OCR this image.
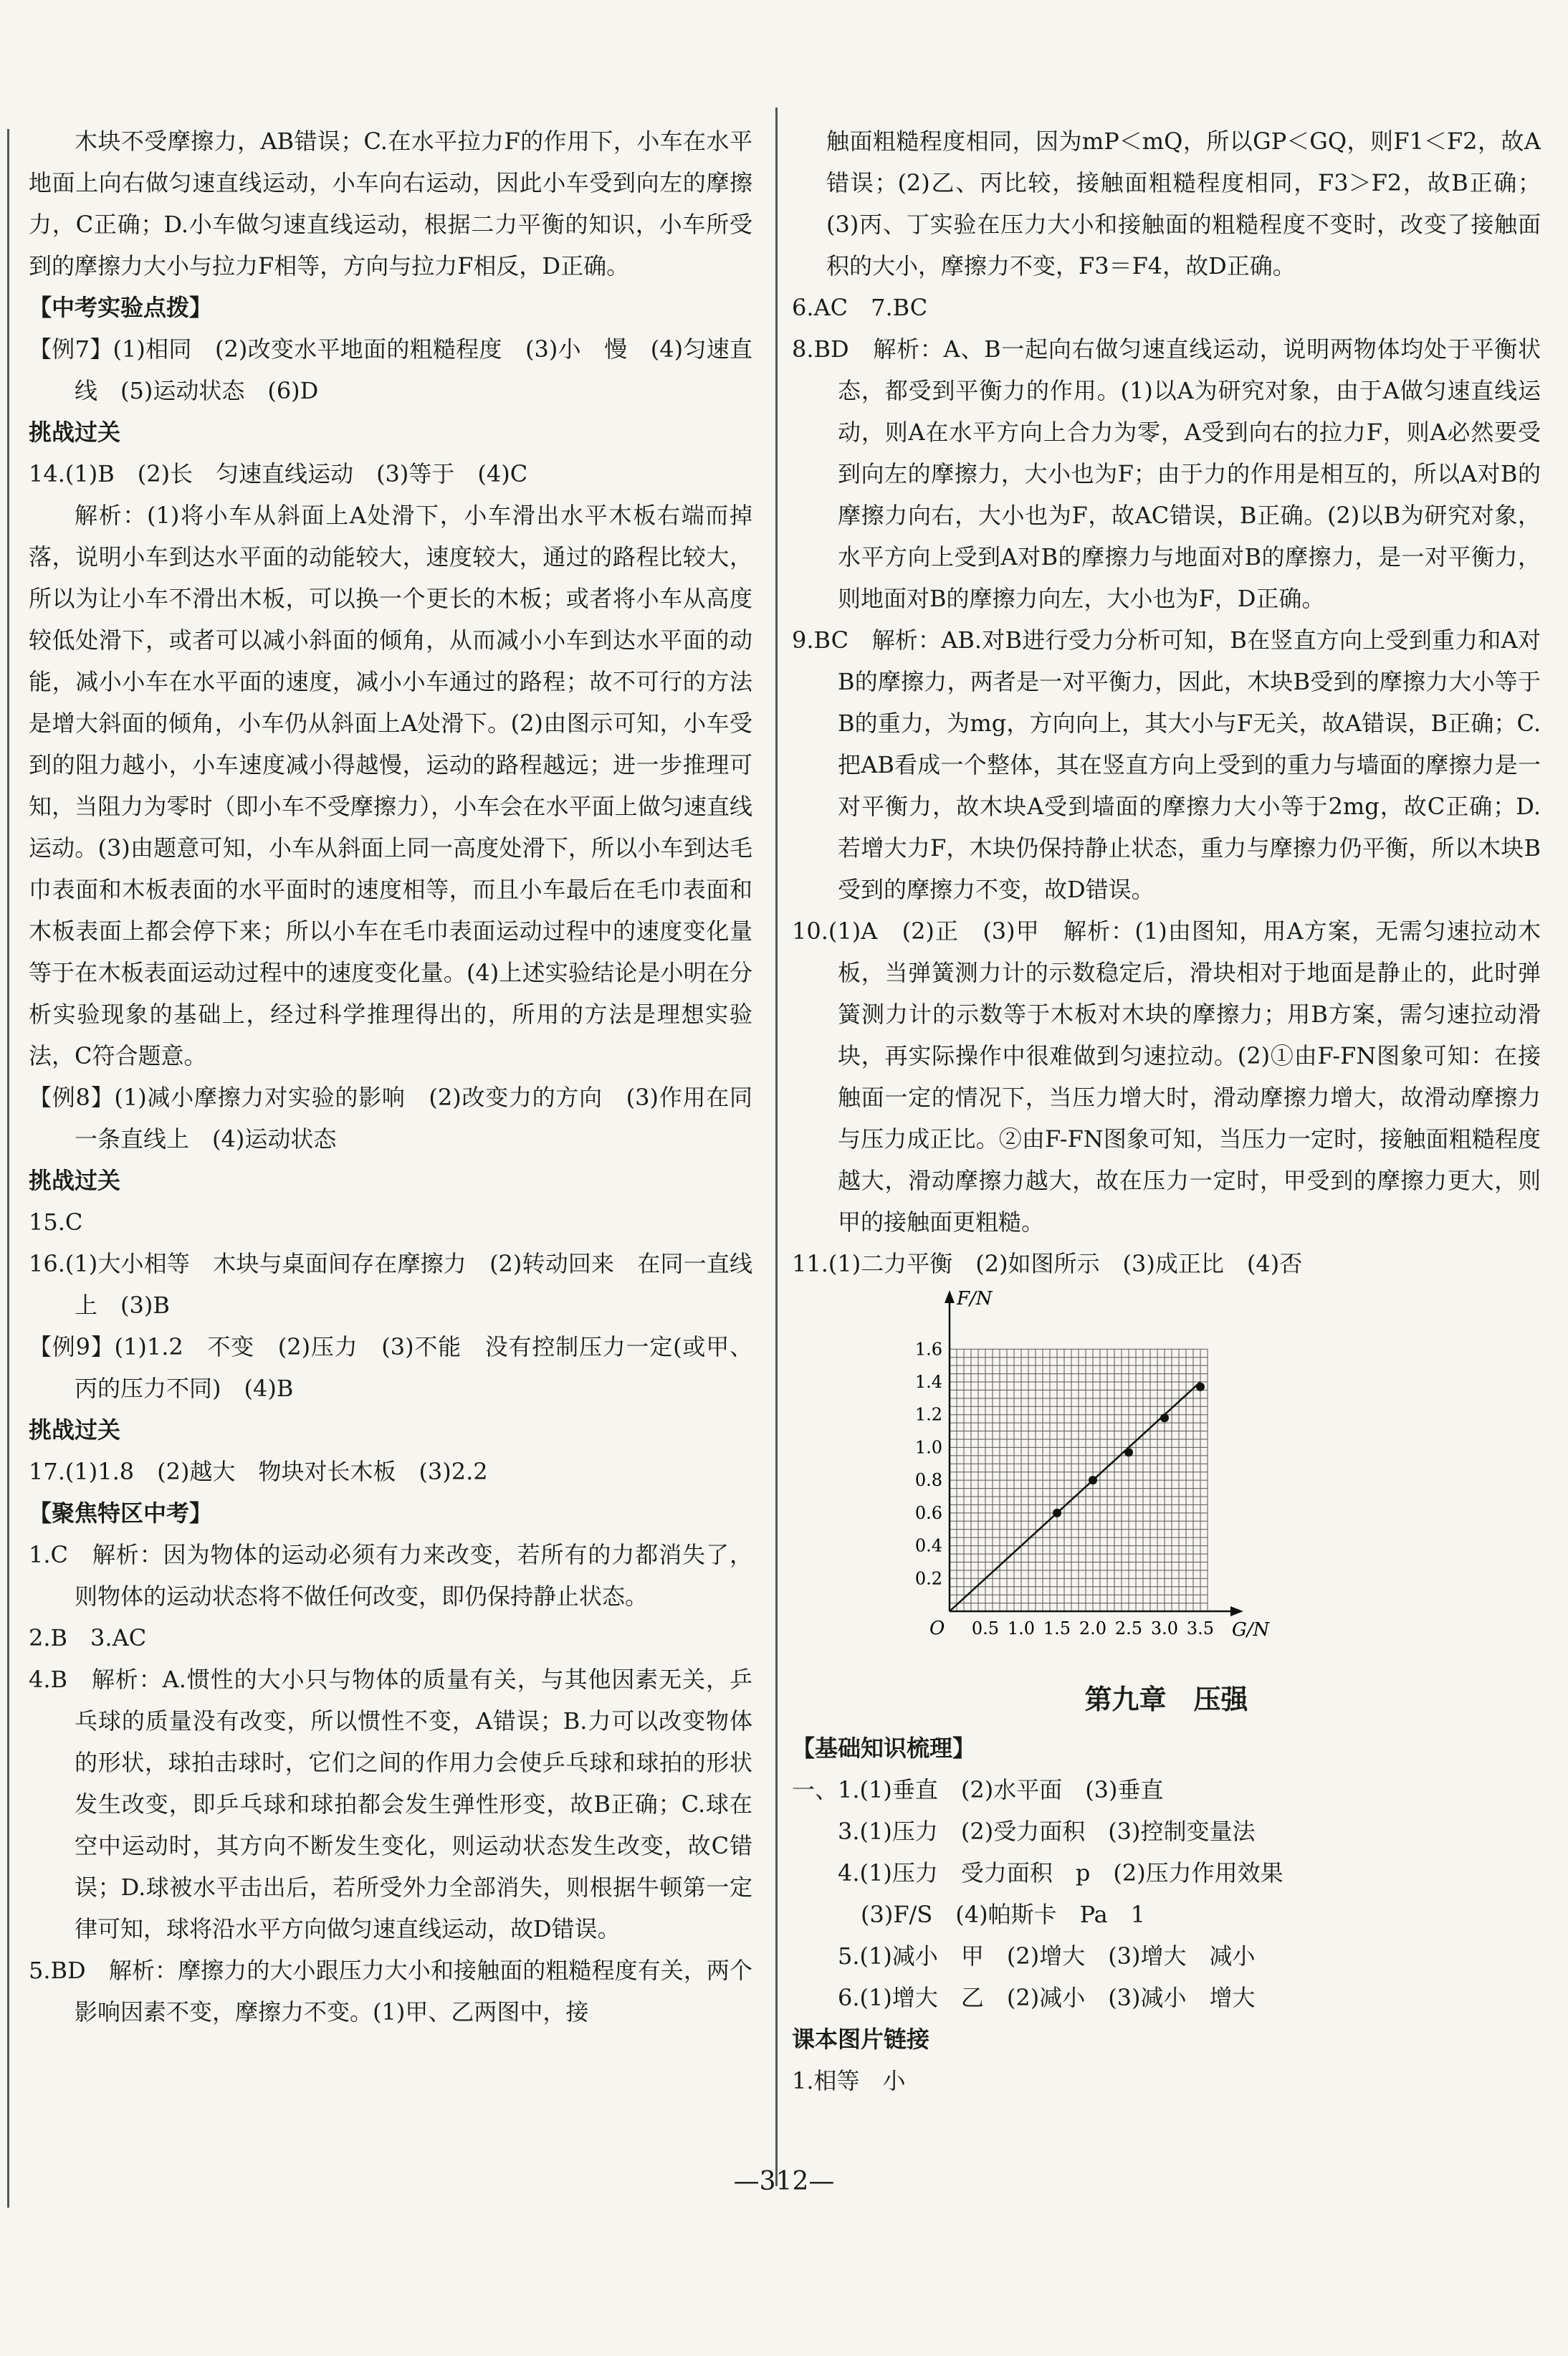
木块不受摩擦力，AB错误；C.在水平拉力F的作用下，小车在水平地面上向右做匀速直线运动，小车向右运动，因此小车受到向左的摩擦力，C正确；D.小车做匀速直线运动，根据二力平衡的知识，小车所受到的摩擦力大小与拉力F相等，方向与拉力F相反，D正确。

【中考实验点拨】

【例7】(1)相同　(2)改变水平地面的粗糙程度　(3)小　慢　(4)匀速直线　(5)运动状态　(6)D

挑战过关

14.(1)B　(2)长　匀速直线运动　(3)等于　(4)C

解析：(1)将小车从斜面上A处滑下，小车滑出水平木板右端而掉落，说明小车到达水平面的动能较大，速度较大，通过的路程比较大，所以为让小车不滑出木板，可以换一个更长的木板；或者将小车从高度较低处滑下，或者可以减小斜面的倾角，从而减小小车到达水平面的动能，减小小车在水平面的速度，减小小车通过的路程；故不可行的方法是增大斜面的倾角，小车仍从斜面上A处滑下。(2)由图示可知，小车受到的阻力越小，小车速度减小得越慢，运动的路程越远；进一步推理可知，当阻力为零时（即小车不受摩擦力），小车会在水平面上做匀速直线运动。(3)由题意可知，小车从斜面上同一高度处滑下，所以小车到达毛巾表面和木板表面的水平面时的速度相等，而且小车最后在毛巾表面和木板表面上都会停下来；所以小车在毛巾表面运动过程中的速度变化量等于在木板表面运动过程中的速度变化量。(4)上述实验结论是小明在分析实验现象的基础上，经过科学推理得出的，所用的方法是理想实验法，C符合题意。

【例8】(1)减小摩擦力对实验的影响　(2)改变力的方向　(3)作用在同一条直线上　(4)运动状态

挑战过关

15.C

16.(1)大小相等　木块与桌面间存在摩擦力　(2)转动回来　在同一直线上　(3)B

【例9】(1)1.2　不变　(2)压力　(3)不能　没有控制压力一定(或甲、丙的压力不同)　(4)B

挑战过关

17.(1)1.8　(2)越大　物块对长木板　(3)2.2

【聚焦特区中考】

1.C　解析：因为物体的运动必须有力来改变，若所有的力都消失了，则物体的运动状态将不做任何改变，即仍保持静止状态。

2.B　3.AC

4.B　解析：A.惯性的大小只与物体的质量有关，与其他因素无关，乒乓球的质量没有改变，所以惯性不变，A错误；B.力可以改变物体的形状，球拍击球时，它们之间的作用力会使乒乓球和球拍的形状发生改变，即乒乓球和球拍都会发生弹性形变，故B正确；C.球在空中运动时，其方向不断发生变化，则运动状态发生改变，故C错误；D.球被水平击出后，若所受外力全部消失，则根据牛顿第一定律可知，球将沿水平方向做匀速直线运动，故D错误。

5.BD　解析：摩擦力的大小跟压力大小和接触面的粗糙程度有关，两个影响因素不变，摩擦力不变。(1)甲、乙两图中，接

触面粗糙程度相同，因为mP＜mQ，所以GP＜GQ，则F1＜F2，故A错误；(2)乙、丙比较，接触面粗糙程度相同，F3＞F2，故B正确；(3)丙、丁实验在压力大小和接触面的粗糙程度不变时，改变了接触面积的大小，摩擦力不变，F3＝F4，故D正确。

6.AC　7.BC

8.BD　解析：A、B一起向右做匀速直线运动，说明两物体均处于平衡状态，都受到平衡力的作用。(1)以A为研究对象，由于A做匀速直线运动，则A在水平方向上合力为零，A受到向右的拉力F，则A必然要受到向左的摩擦力，大小也为F；由于力的作用是相互的，所以A对B的摩擦力向右，大小也为F，故AC错误，B正确。(2)以B为研究对象，水平方向上受到A对B的摩擦力与地面对B的摩擦力，是一对平衡力，则地面对B的摩擦力向左，大小也为F，D正确。

9.BC　解析：AB.对B进行受力分析可知，B在竖直方向上受到重力和A对B的摩擦力，两者是一对平衡力，因此，木块B受到的摩擦力大小等于B的重力，为mg，方向向上，其大小与F无关，故A错误，B正确；C.把AB看成一个整体，其在竖直方向上受到的重力与墙面的摩擦力是一对平衡力，故木块A受到墙面的摩擦力大小等于2mg，故C正确；D.若增大力F，木块仍保持静止状态，重力与摩擦力仍平衡，所以木块B受到的摩擦力不变，故D错误。

10.(1)A　(2)正　(3)甲　解析：(1)由图知，用A方案，无需匀速拉动木板，当弹簧测力计的示数稳定后，滑块相对于地面是静止的，此时弹簧测力计的示数等于木板对木块的摩擦力；用B方案，需匀速拉动滑块，再实际操作中很难做到匀速拉动。(2)①由F-FN图象可知：在接触面一定的情况下，当压力增大时，滑动摩擦力增大，故滑动摩擦力与压力成正比。②由F-FN图象可知，当压力一定时，接触面粗糙程度越大，滑动摩擦力越大，故在压力一定时，甲受到的摩擦力更大，则甲的接触面更粗糙。

11.(1)二力平衡　(2)如图所示　(3)成正比　(4)否

0.5 1.0 1.5 2.0 2.5 3.0 3.5
0.2
0.4
0.6
0.8
1.0
1.2
1.4
1.6
O
F/N
G/N
第九章　压强

【基础知识梳理】

一、1.(1)垂直　(2)水平面　(3)垂直

3.(1)压力　(2)受力面积　(3)控制变量法

4.(1)压力　受力面积　p　(2)压力作用效果

　(3)F/S　(4)帕斯卡　Pa　1

5.(1)减小　甲　(2)增大　(3)增大　减小

6.(1)增大　乙　(2)减小　(3)减小　增大

课本图片链接

1.相等　小

—312—
